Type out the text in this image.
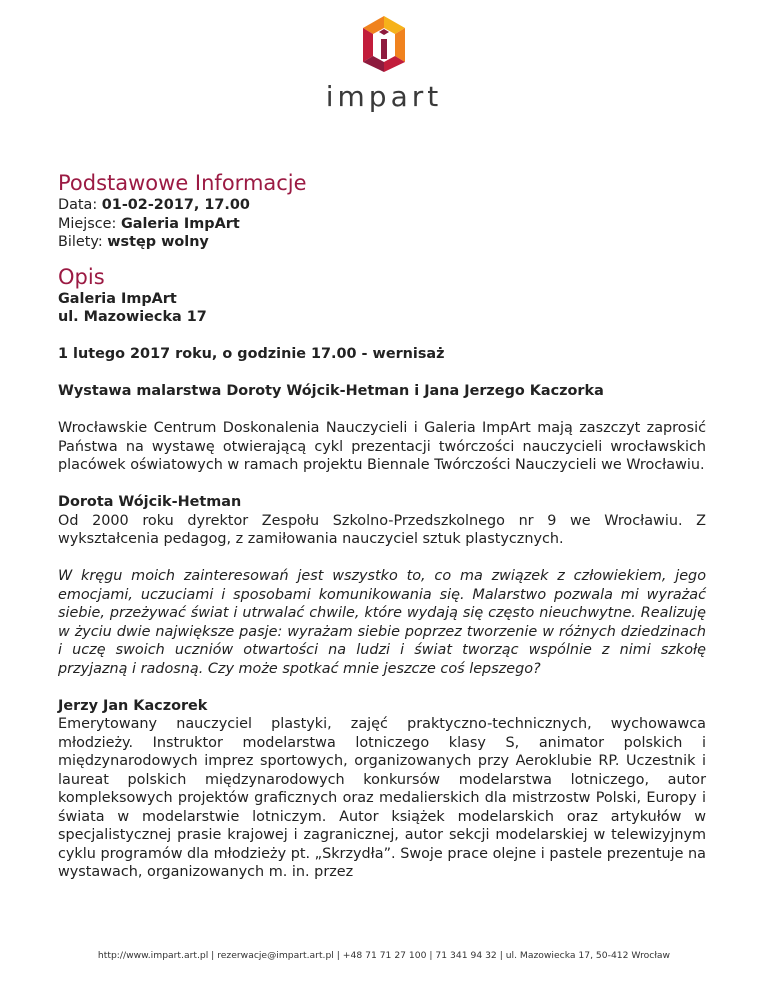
impart
Podstawowe Informacje
Data: 01-02-2017, 17.00
Miejsce: Galeria ImpArt
Bilety: wstęp wolny
Opis
Galeria ImpArt

ul. Mazowiecka 17

1 lutego 2017 roku, o godzinie 17.00 - wernisaż

Wystawa malarstwa Doroty Wójcik-Hetman i Jana Jerzego Kaczorka

Wrocławskie Centrum Doskonalenia Nauczycieli i Galeria ImpArt mają zaszczyt zaprosić Państwa na wystawę otwierającą cykl prezentacji twórczości nauczycieli wrocławskich placówek oświatowych w ramach projektu Biennale Twórczości Nauczycieli we Wrocławiu.

Dorota Wójcik-Hetman

Od 2000 roku dyrektor Zespołu Szkolno-Przedszkolnego nr 9 we Wrocławiu. Z wykształcenia pedagog, z zamiłowania nauczyciel sztuk plastycznych.

W kręgu moich zainteresowań jest wszystko to, co ma związek z człowiekiem, jego emocjami, uczuciami i sposobami komunikowania się. Malarstwo pozwala mi wyrażać siebie, przeżywać świat i utrwalać chwile, które wydają się często nieuchwytne. Realizuję w życiu dwie największe pasje: wyrażam siebie poprzez tworzenie w różnych dziedzinach i uczę swoich uczniów otwartości na ludzi i świat tworząc wspólnie z nimi szkołę przyjazną i radosną. Czy może spotkać mnie jeszcze coś lepszego?

Jerzy Jan Kaczorek

Emerytowany nauczyciel plastyki, zajęć praktyczno-technicznych, wychowawca młodzieży. Instruktor modelarstwa lotniczego klasy S, animator polskich i międzynarodowych imprez sportowych, organizowanych przy Aeroklubie RP. Uczestnik i laureat polskich międzynarodowych konkursów modelarstwa lotniczego, autor kompleksowych projektów graficznych oraz medalierskich dla mistrzostw Polski, Europy i świata w modelarstwie lotniczym. Autor książek modelarskich oraz artykułów w specjalistycznej prasie krajowej i zagranicznej, autor sekcji modelarskiej w telewizyjnym cyklu programów dla młodzieży pt. „Skrzydła”. Swoje prace olejne i pastele prezentuje na wystawach, organizowanych m. in. przez

http://www.impart.art.pl | rezerwacje@impart.art.pl | +48 71 71 27 100 | 71 341 94 32 | ul. Mazowiecka 17, 50-412 Wrocław
